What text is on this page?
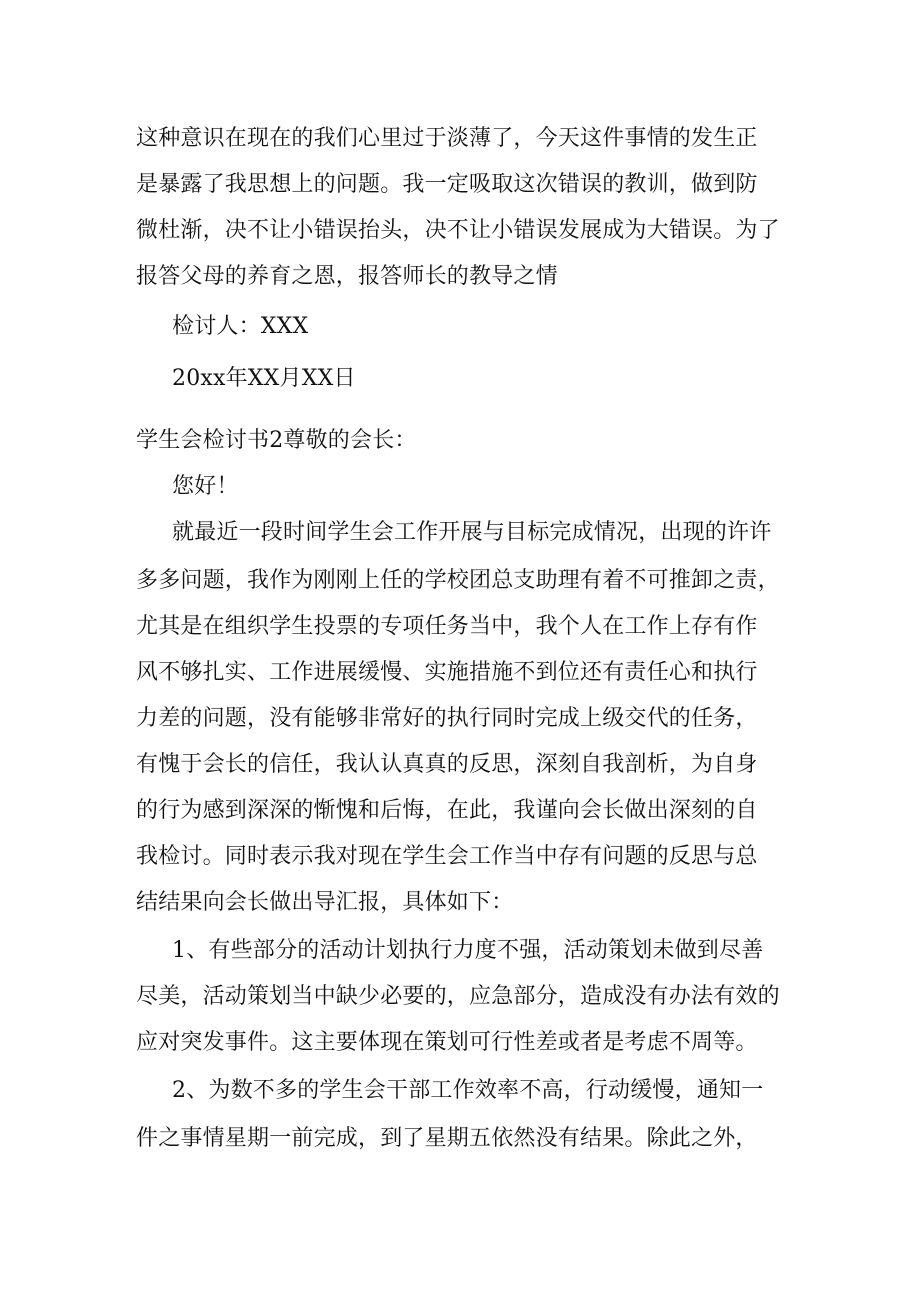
这种意识在现在的我们心里过于淡薄了，今天这件事情的发生正
是暴露了我思想上的问题。我一定吸取这次错误的教训，做到防
微杜渐，决不让小错误抬头，决不让小错误发展成为大错误。为了
报答父母的养育之恩，报答师长的教导之情
检讨人：XXX
20xx年XX月XX日
学生会检讨书2尊敬的会长：
您好！
就最近一段时间学生会工作开展与目标完成情况，出现的许许
多多问题，我作为刚刚上任的学校团总支助理有着不可推卸之责，
尤其是在组织学生投票的专项任务当中，我个人在工作上存有作
风不够扎实、工作进展缓慢、实施措施不到位还有责任心和执行
力差的问题，没有能够非常好的执行同时完成上级交代的任务，
有愧于会长的信任，我认认真真的反思，深刻自我剖析，为自身
的行为感到深深的惭愧和后悔，在此，我谨向会长做出深刻的自
我检讨。同时表示我对现在学生会工作当中存有问题的反思与总
结结果向会长做出导汇报，具体如下：
1、有些部分的活动计划执行力度不强，活动策划未做到尽善
尽美，活动策划当中缺少必要的，应急部分，造成没有办法有效的
应对突发事件。这主要体现在策划可行性差或者是考虑不周等。
2、为数不多的学生会干部工作效率不高，行动缓慢，通知一
件之事情星期一前完成，到了星期五依然没有结果。除此之外，
